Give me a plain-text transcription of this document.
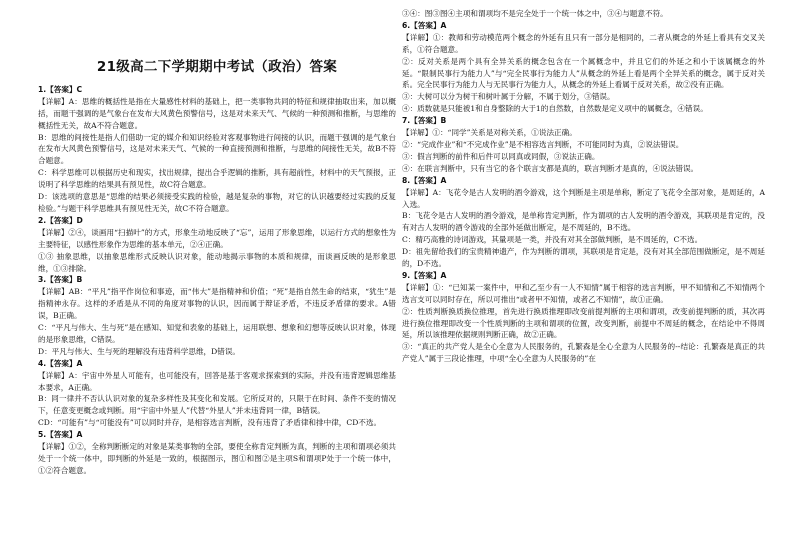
21级高二下学期期中考试（政治）答案
1.【答案】C

【详解】A：思维的概括性是指在大量感性材料的基础上，把一类事物共同的特征和规律抽取出来，加以概括，而题干强调的是气象台在发布大风黄色预警信号，这是对未来天气、气候的一种预测和推断，与思维的概括性无关，故A不符合题意。

B：思维的间接性是指人们借助一定的媒介和知识经验对客观事物进行间接的认识，而题干强调的是气象台在发布大风黄色预警信号，这是对未来天气、气候的一种直接预测和推断，与思维的间接性无关，故B不符合题意。

C：科学思维可以根据历史和现实，找出规律，提出合乎逻辑的推断，具有超前性，材料中的天气预报，正说明了科学思维的结果具有预见性，故C符合题意。

D：该选项的意思是“思维的结果必须接受实践的检验，越是复杂的事物，对它的认识越要经过实践的反复检验。”与题干科学思维具有预见性无关，故C不符合题意。

2.【答案】D

【详解】②④，谈画用“扫描叶”的方式，形象生动地反映了“忘”，运用了形象思维，以运行方式的想象性为主要特征，以感性形象作为思维的基本单元，②④正确。

①③ 抽象思维，以抽象思维形式反映认识对象，能动地揭示事物的本质和规律，而谈画反映的是形象思维，①③排除。

3.【答案】B

【详解】AB：“平凡”指平作岗位和事迹，而“伟大”是指精神和价值；“死”是指自然生命的结束，“犹生”是指精神永存。这样的矛盾是从不同的角度对事物的认识，因而属于辩证矛盾，不违反矛盾律的要求。A错误，B正确。

C：“平凡与伟大、生与死”是在感知、知觉和表象的基础上，运用联想、想象和幻想等反映认识对象，体现的是形象思维，C错误。

D：平凡与伟大、生与死的理解没有违背科学思维，D错误。

4.【答案】A

【详解】A：宇宙中外星人可能有，也可能没有，回答是基于客观求探索到的实际，并没有违背逻辑思维基本要求，A正确。

B：同一律并不否认认识对象的复杂多样性及其变化和发展。它所反对的，只限于在时间、条件不变的情况下，任意变更概念或判断。用“宇宙中外星人”代替“外星人”并未违背同一律，B错误。

CD：“可能有”与“可能没有”可以同时并存，是相容选言判断，没有违背了矛盾律和排中律，CD不选。

5.【答案】A

【详解】①②，全称判断断定的对象是某类事物的全部，要使全称肯定判断为真，判断的主项和谓项必须共处于一个统一体中，即判断的外延是一致的，根据图示，图①和图②是主项S和谓项P处于一个统一体中，①②符合题意。

③④：图③图④主项和谓项均不是完全处于一个统一体之中，③④与题意不符。

6.【答案】A

【详解】①：教师和劳动模范两个概念的外延有且只有一部分是相同的，二者从概念的外延上看具有交叉关系，①符合题意。

②：反对关系是两个具有全异关系的概念包含在一个属概念中，并且它们的外延之和小于该属概念的外延。“限制民事行为能力人”与“完全民事行为能力人”从概念的外延上看是两个全异关系的概念，属于反对关系。完全民事行为能力人与无民事行为能力人，从概念的外延上看属于反对关系，故②没有正确。

③：大树可以分为树干和树叶属于分解，不属于划分，③错误。

④：质数就是只能被1和自身整除的大于1的自然数，自然数是定义项中的属概念，④错误。

7.【答案】B

【详解】①：“同学”关系是对称关系，①说法正确。

②：“完成作业”和“不完成作业”是不相容选言判断，不可能同时为真，②说法错误。

③：假言判断的前件和后件可以同真或同假，③说法正确。

④：在联言判断中，只有当它的各个联言支都是真的，联言判断才是真的，④说法错误。

8.【答案】A

【详解】A：飞花令是古人发明的酒令游戏，这个判断是主项是单称，断定了飞花令全部对象，是周延的，A入选。

B：飞花令是古人发明的酒令游戏，是单称肯定判断，作为谓项的古人发明的酒令游戏，其联项是肯定的，没有对古人发明的酒令游戏的全部外延做出断定，是不周延的，B不选。

C：精巧高雅的诗词游戏，其量项是一类，并没有对其全部做判断，是不周延的，C不选。

D：祖先留给我们的宝贵精神遗产，作为判断的谓项，其联项是肯定是，没有对其全部范围做断定，是不周延的，D不选。

9.【答案】A

【详解】①：“已知某一案件中，甲和乙至少有一人不知情”属于相容的选言判断，甲不知情和乙不知情两个选言支可以同时存在，所以可推出“或者甲不知情，或者乙不知情”，故①正确。

②：性质判断换质换位推理，首先进行换质推理即改变前提判断的主项和谓项，改变前提判断的质，其次再进行换位推理即改变一个性质判断的主项和谓项的位置，改变判断，前提中不周延的概念，在结论中不得周延，所以该推理依据规则判断正确，故②正确。

③：“真正的共产党人是全心全意为人民服务的，孔繁森是全心全意为人民服务的--结论：孔繁森是真正的共产党人”属于三段论推理，中项“全心全意为人民服务的”在
